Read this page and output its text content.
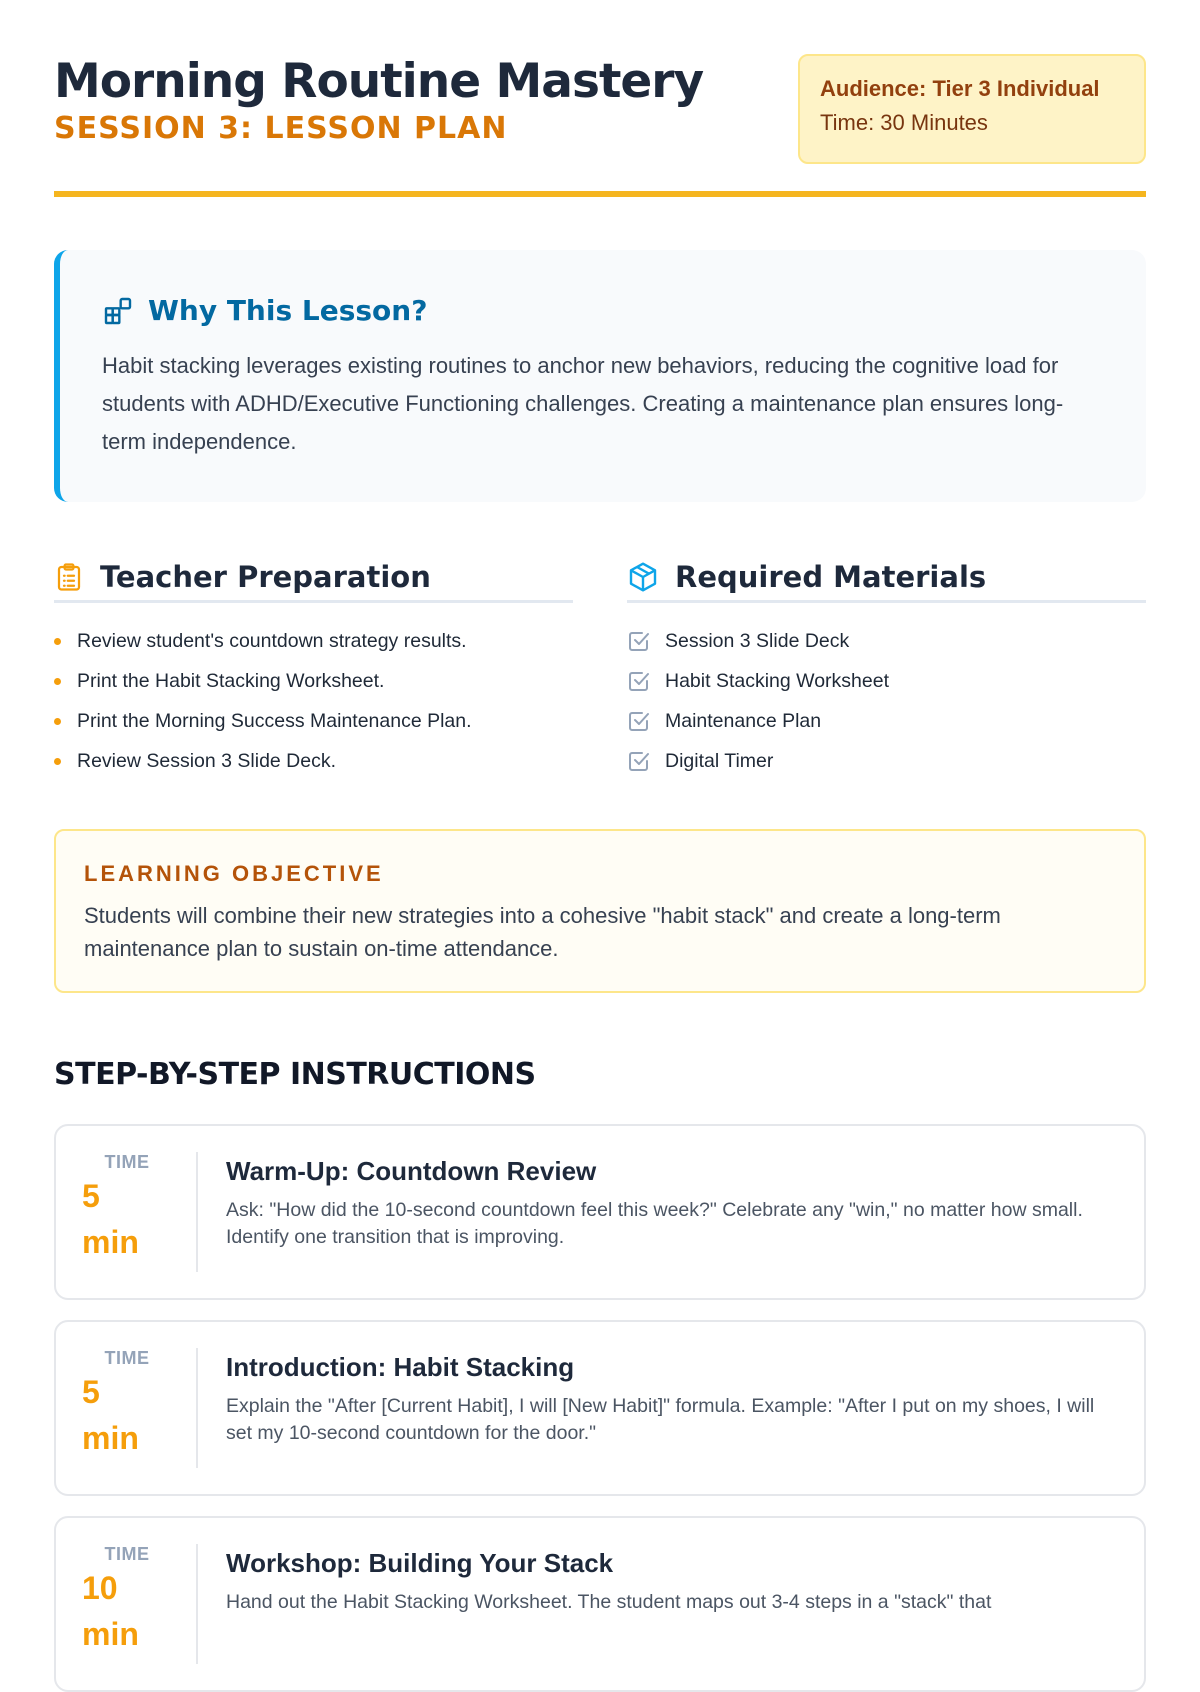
Morning Routine Mastery
SESSION 3: LESSON PLAN
Audience: Tier 3 Individual
Time: 30 Minutes
Why This Lesson?
Habit stacking leverages existing routines to anchor new behaviors, reducing the cognitive load for students with ADHD/Executive Functioning challenges. Creating a maintenance plan ensures long-term independence.
Teacher Preparation
Review student's countdown strategy results.
Print the Habit Stacking Worksheet.
Print the Morning Success Maintenance Plan.
Review Session 3 Slide Deck.
Required Materials
Session 3 Slide Deck
Habit Stacking Worksheet
Maintenance Plan
Digital Timer
LEARNING OBJECTIVE
Students will combine their new strategies into a cohesive "habit stack" and create a long-term maintenance plan to sustain on-time attendance.
STEP-BY-STEP INSTRUCTIONS
TIME
5 min
Warm-Up: Countdown Review
Ask: "How did the 10-second countdown feel this week?" Celebrate any "win," no matter how small. Identify one transition that is improving.
TIME
5 min
Introduction: Habit Stacking
Explain the "After [Current Habit], I will [New Habit]" formula. Example: "After I put on my shoes, I will set my 10-second countdown for the door."
TIME
10 min
Workshop: Building Your Stack
Hand out the Habit Stacking Worksheet. The student maps out 3-4 steps in a "stack" that
